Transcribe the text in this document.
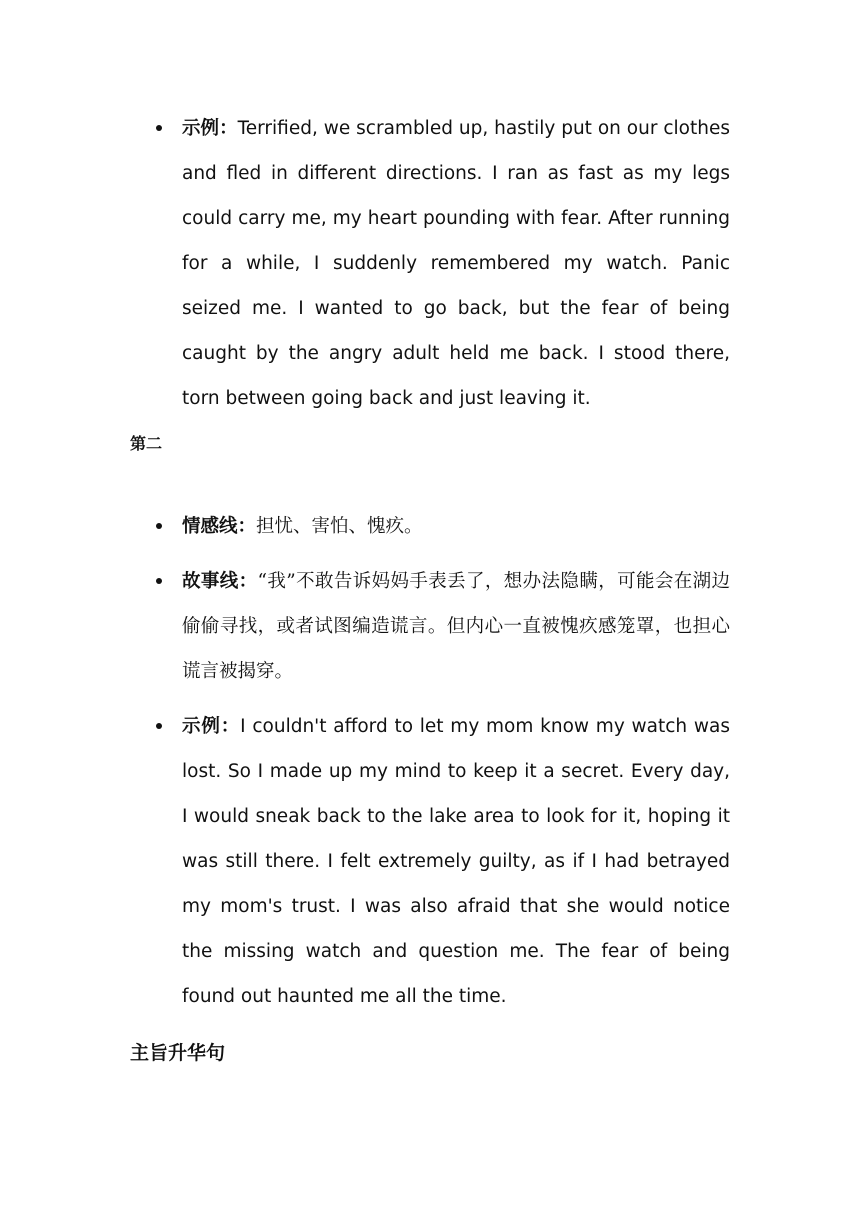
示例：Terrified, we scrambled up, hastily put on our clothes and fled in different directions. I ran as fast as my legs could carry me, my heart pounding with fear. After running for a while, I suddenly remembered my watch. Panic seized me. I wanted to go back, but the fear of being caught by the angry adult held me back. I stood there, torn between going back and just leaving it.
第二
情感线：担忧、害怕、愧疚。
故事线：“我”不敢告诉妈妈手表丢了，想办法隐瞒，可能会在湖边偷偷寻找，或者试图编造谎言。但内心一直被愧疚感笼罩，也担心谎言被揭穿。
示例：I couldn't afford to let my mom know my watch was lost. So I made up my mind to keep it a secret. Every day, I would sneak back to the lake area to look for it, hoping it was still there. I felt extremely guilty, as if I had betrayed my mom's trust. I was also afraid that she would notice the missing watch and question me. The fear of being found out haunted me all the time.
主旨升华句
